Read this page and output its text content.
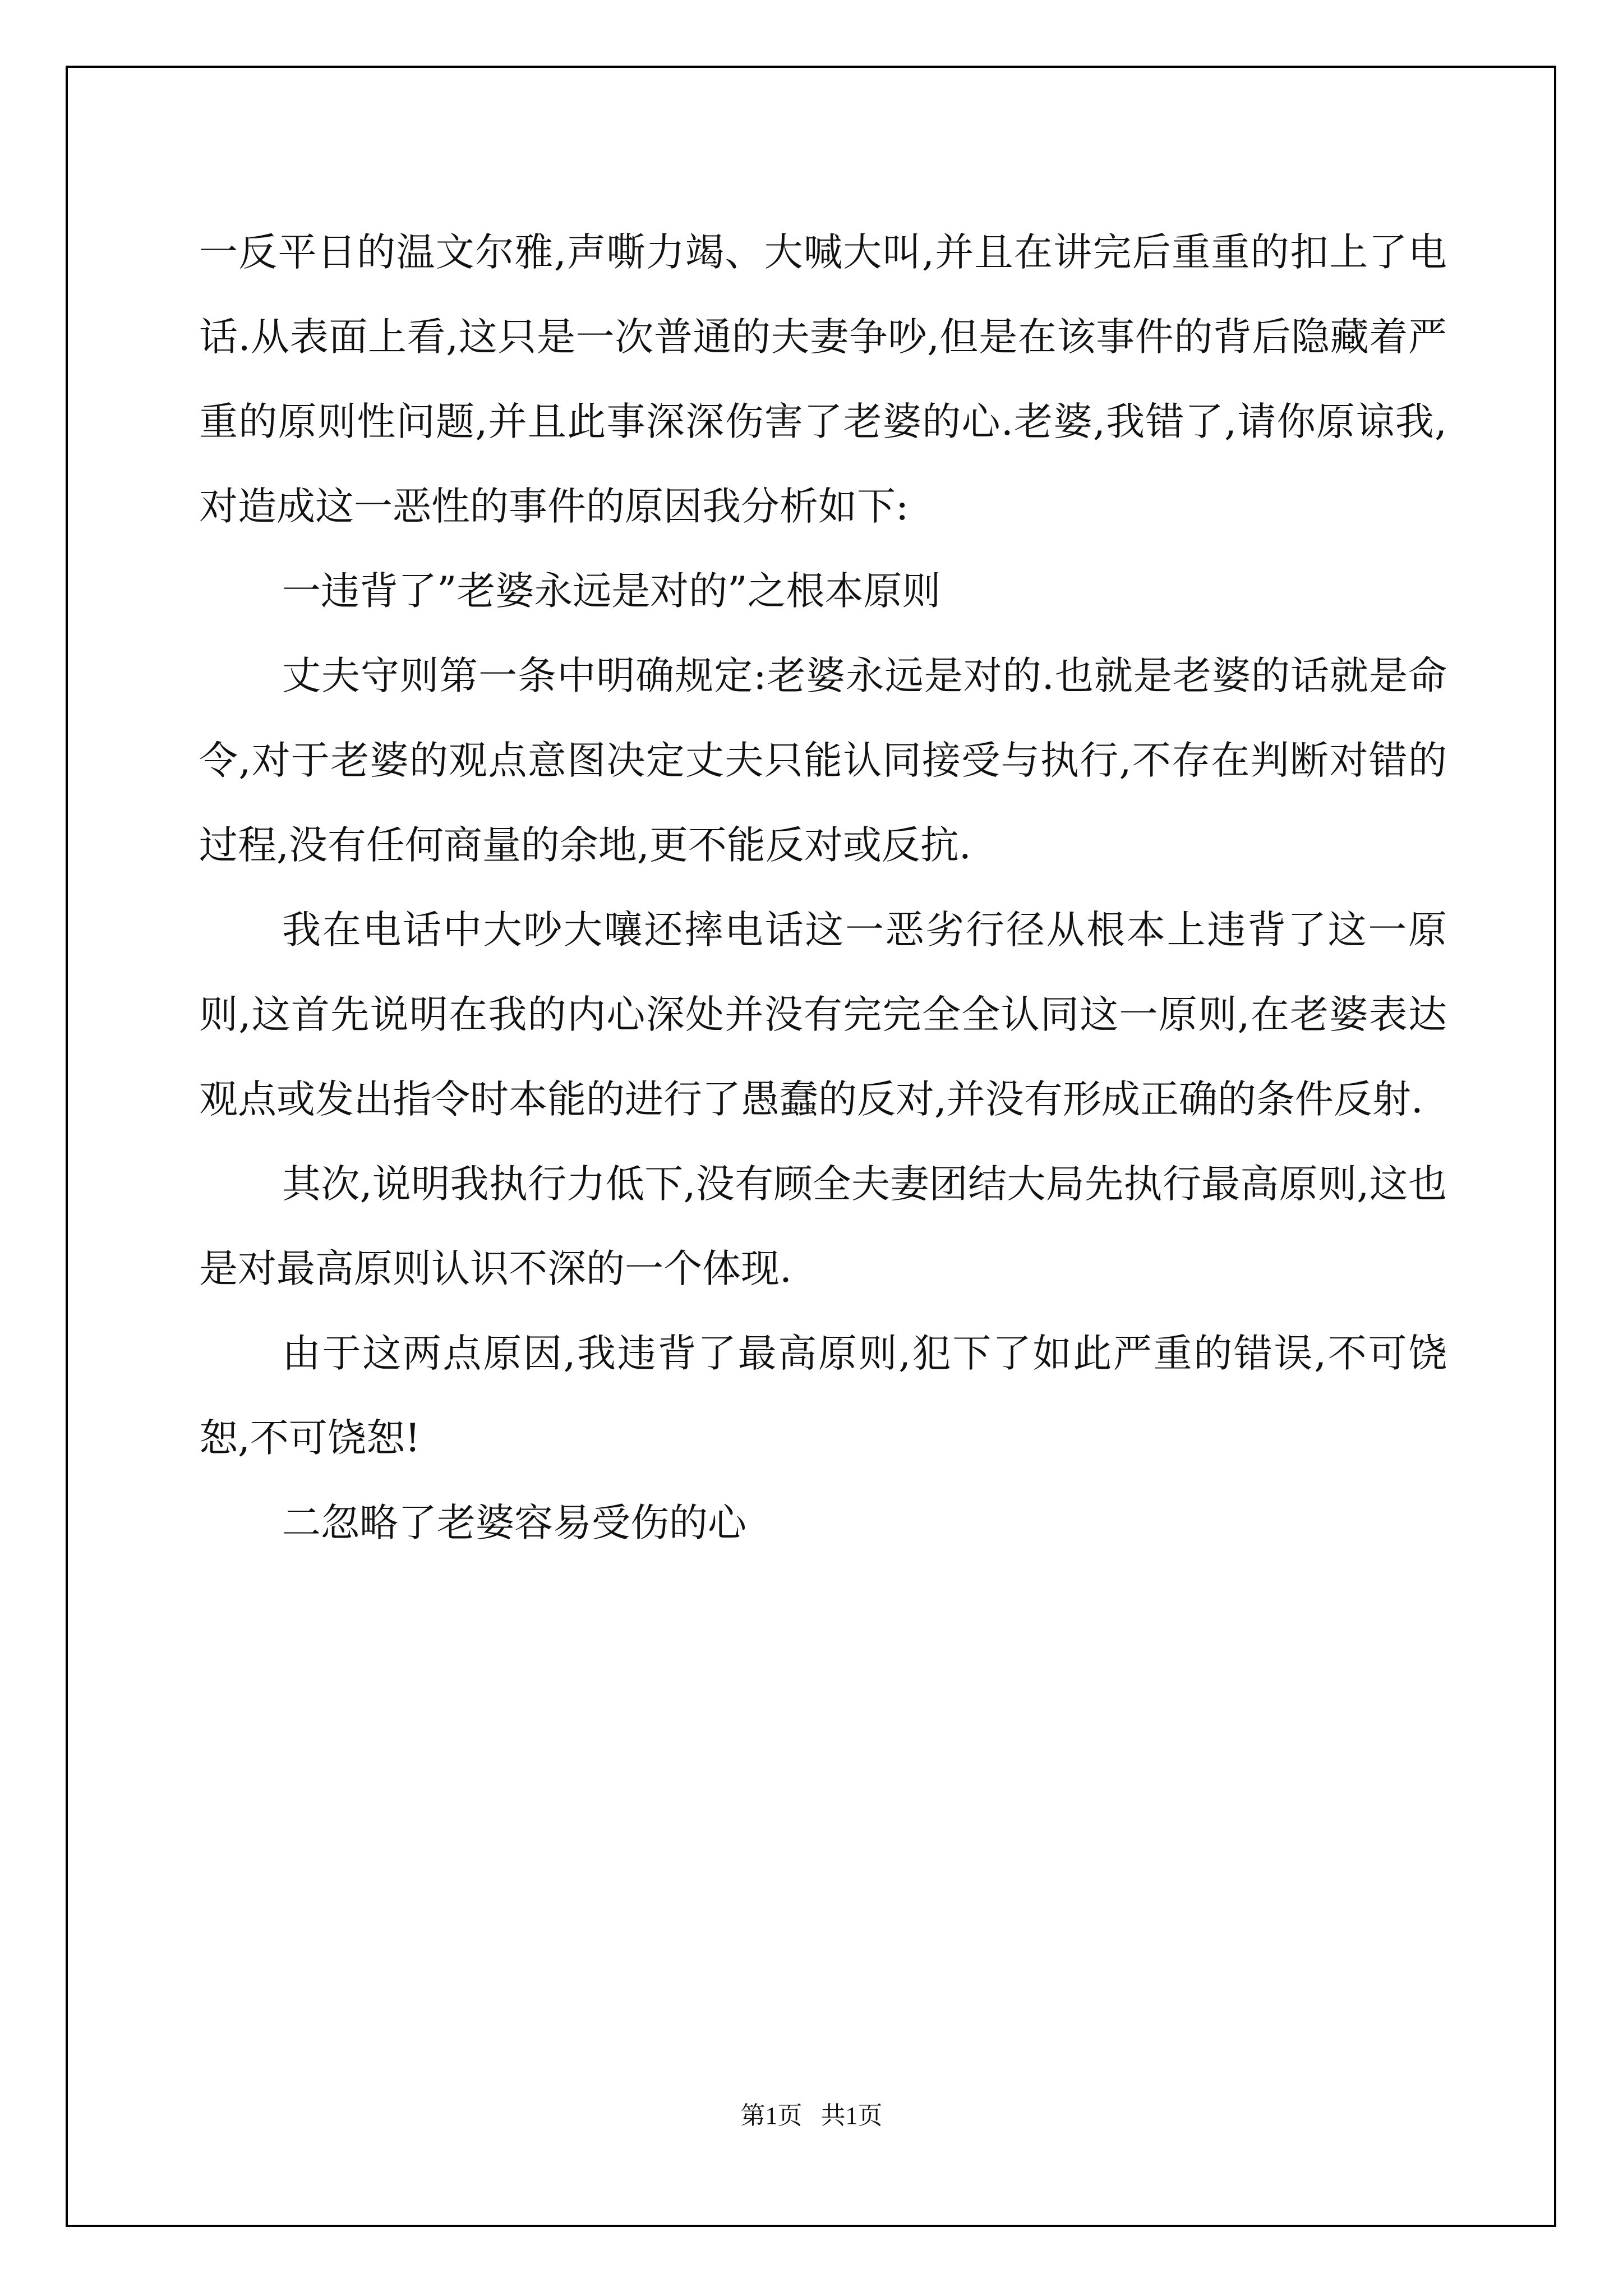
一反平日的温文尔雅,声嘶力竭、大喊大叫,并且在讲完后重重的扣上了电话.从表面上看,这只是一次普通的夫妻争吵,但是在该事件的背后隐藏着严重的原则性问题,并且此事深深伤害了老婆的心.老婆,我错了,请你原谅我,对造成这一恶性的事件的原因我分析如下:

一违背了”老婆永远是对的”之根本原则

丈夫守则第一条中明确规定:老婆永远是对的.也就是老婆的话就是命令,对于老婆的观点意图决定丈夫只能认同接受与执行,不存在判断对错的过程,没有任何商量的余地,更不能反对或反抗.

我在电话中大吵大嚷还摔电话这一恶劣行径从根本上违背了这一原则,这首先说明在我的内心深处并没有完完全全认同这一原则,在老婆表达观点或发出指令时本能的进行了愚蠢的反对,并没有形成正确的条件反射.

其次,说明我执行力低下,没有顾全夫妻团结大局先执行最高原则,这也是对最高原则认识不深的一个体现.

由于这两点原因,我违背了最高原则,犯下了如此严重的错误,不可饶恕,不可饶恕!

二忽略了老婆容易受伤的心

第1页   共1页
